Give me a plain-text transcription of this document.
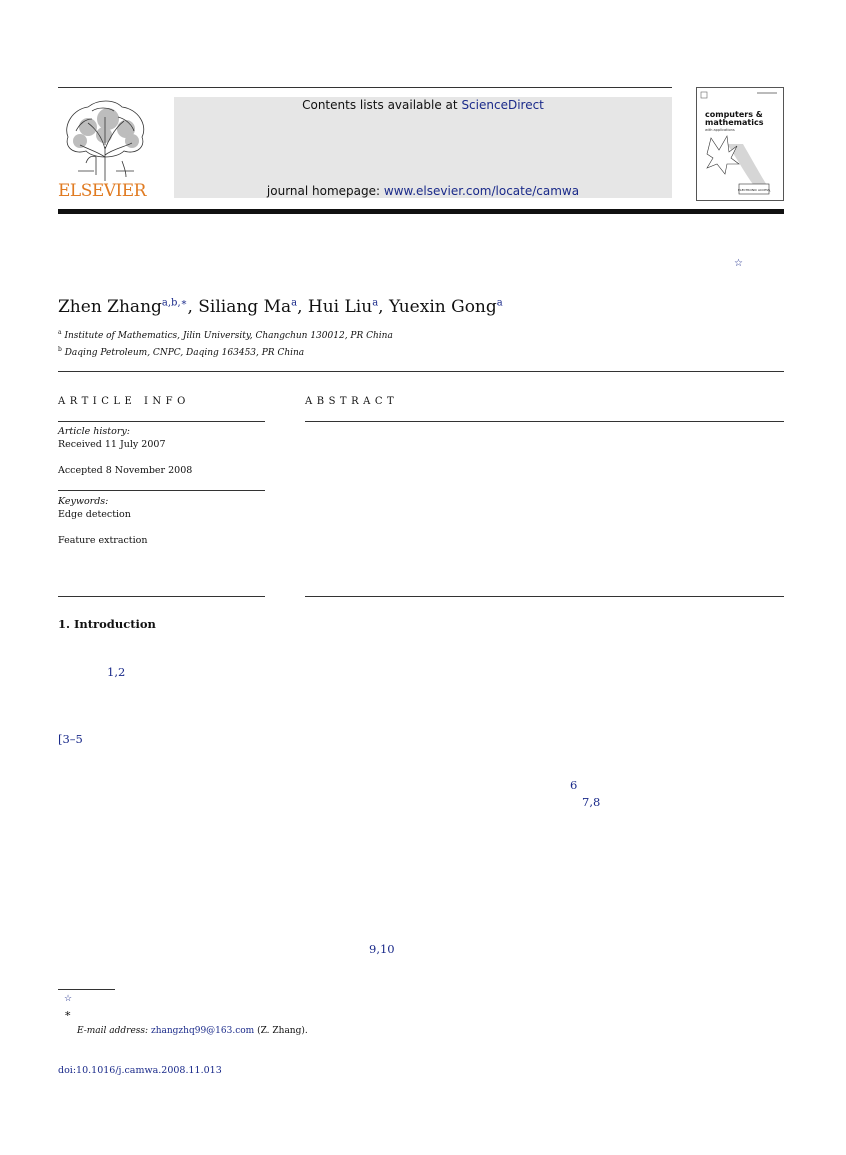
ELSEVIER
Contents lists available at ScienceDirect
journal homepage: www.elsevier.com/locate/camwa
computers &
mathematics
with applications
ELECTRONIC ACCESS
☆
Zhen Zhang$^{a,b,∗}$, Siliang Ma$^a$, Hui Liu$^a$, Yuexin Gong$^a$
$^a$ Institute of Mathematics, Jilin University, Changchun 130012, PR China
$^b$ Daqing Petroleum, CNPC, Daqing 163453, PR China
ARTICLE INFO	ABSTRACT
Article history:
Received 11 July 2007
Accepted 8 November 2008
Keywords:
Edge detection
Feature extraction
1. Introduction
1,2
[3–5
6
7,8
9,10
☆
∗
E-mail address: zhangzhq99@163.com (Z. Zhang).
doi:10.1016/j.camwa.2008.11.013
